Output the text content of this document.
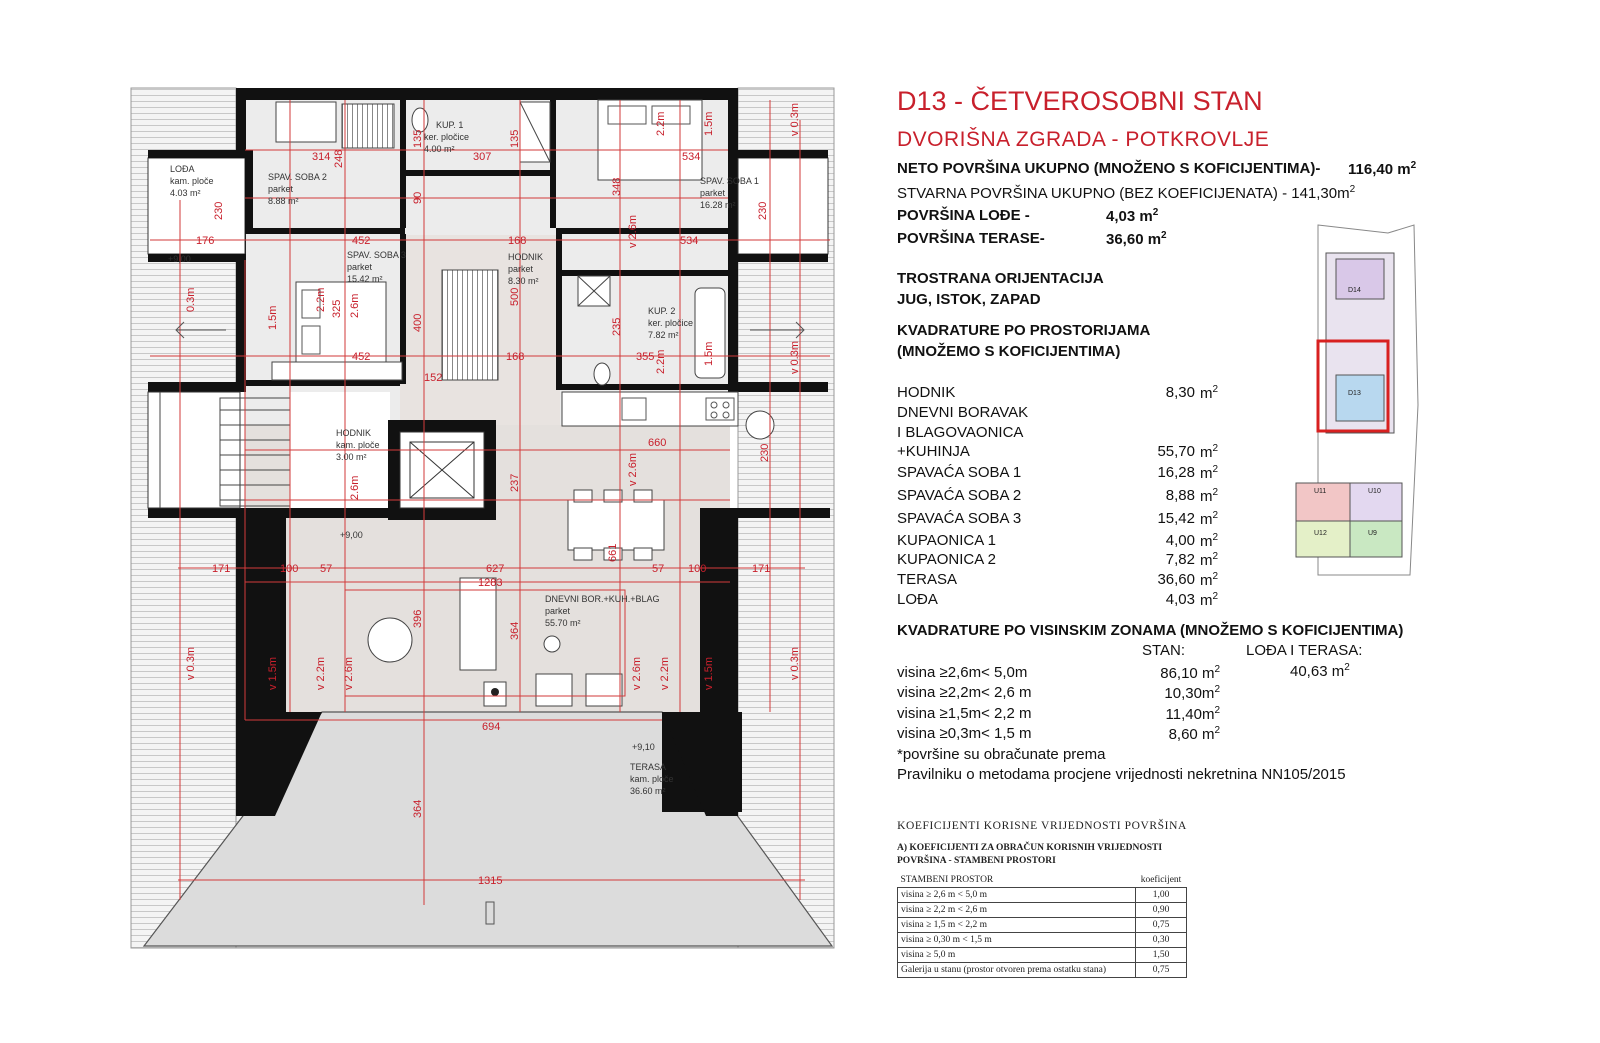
314	307	534
176	452	168	534
452	168	355
152
660
171	100 57	627	57 100	171
1283
694
1315
230	230
230
348
400
500
325
235
237
396
364
364
135	135
248
90
661
v 0.3m
1.5m
2.2m
0.3m
1.5m
2.2m 2.6m
v 2.6m
1.5m
2.2m	v 0.3m
v 2.6m
2.6m
v 0.3m	v 1.5m	v 2.2m v 2.6m	v 2.6m v 2.2m	v 1.5m	v 0.3m
LOĐA
kam. ploče
4.03 m²
SPAV. SOBA 2
parket
8.88 m²
KUP. 1
ker. pločice
4.00 m²
SPAV. SOBA 1
parket
16.28 m²
SPAV. SOBA 3
parket
15.42 m²
HODNIK
parket
8.30 m²
KUP. 2
ker. pločice
7.82 m²
HODNIK
kam. ploče
3.00 m²
DNEVNI BOR.+KUH.+BLAG
parket
55.70 m²
TERASA
kam. ploče
36.60 m²
+9,00
+9,00
+9,10
D13 - ČETVEROSOBNI STAN
DVORIŠNA ZGRADA - POTKROVLJE
NETO POVRŠINA UKUPNO (MNOŽENO S KOFICIJENTIMA)- 116,40 $m^2$
STVARNA POVRŠINA UKUPNO (BEZ KOEFICIJENATA) - $141,30m^2$
POVRŠINA LOĐE -	4,03 $m^2$
POVRŠINA TERASE-	36,60 $m^2$
TROSTRANA ORIJENTACIJA
JUG, ISTOK, ZAPAD
KVADRATURE PO PROSTORIJAMA
(MNOŽEMO S KOFICIJENTIMA)
HODNIK	8,30 $m^2$
DNEVNI BORAVAK
I BLAGOVAONICA
+KUHINJA	55,70 $m^2$
SPAVAĆA SOBA 1	16,28 $m^2$
SPAVAĆA SOBA 2	8,88 $m^2$
SPAVAĆA SOBA 3	15,42 $m^2$
KUPAONICA 1	4,00 $m^2$
KUPAONICA 2	7,82 $m^2$
TERASA	36,60 $m^2$
LOĐA	4,03 $m^2$
KVADRATURE PO VISINSKIM ZONAMA (MNOŽEMO S KOFICIJENTIMA)
STAN:	LOĐA I TERASA:
40,63 $m^2$
visina ≥2,6m< 5,0m	86,10 $m^2$
visina ≥2,2m< 2,6 m	$10,30m^2$
visina ≥1,5m< 2,2 m	$11,40m^2$
visina ≥0,3m< 1,5 m	8,60 $m^2$
*površine su obračunate prema
Pravilniku o metodama procjene vrijednosti nekretnina NN105/2015
KOEFICIJENTI KORISNE VRIJEDNOSTI POVRŠINA
A) KOEFICIJENTI ZA OBRAČUN KORISNIH VRIJEDNOSTI
POVRŠINA - STAMBENI PROSTORI
STAMBENI PROSTOR	koeficijent
visina ≥ 2,6 m < 5,0 m	1,00
visina ≥ 2,2 m < 2,6 m	0,90
visina ≥ 1,5 m < 2,2 m	0,75
visina ≥ 0,30 m < 1,5 m	0,30
visina ≥ 5,0 m	1,50
Galerija u stanu (prostor otvoren prema ostatku stana)	0,75
D14
D13
U11	U10
U12	U9
